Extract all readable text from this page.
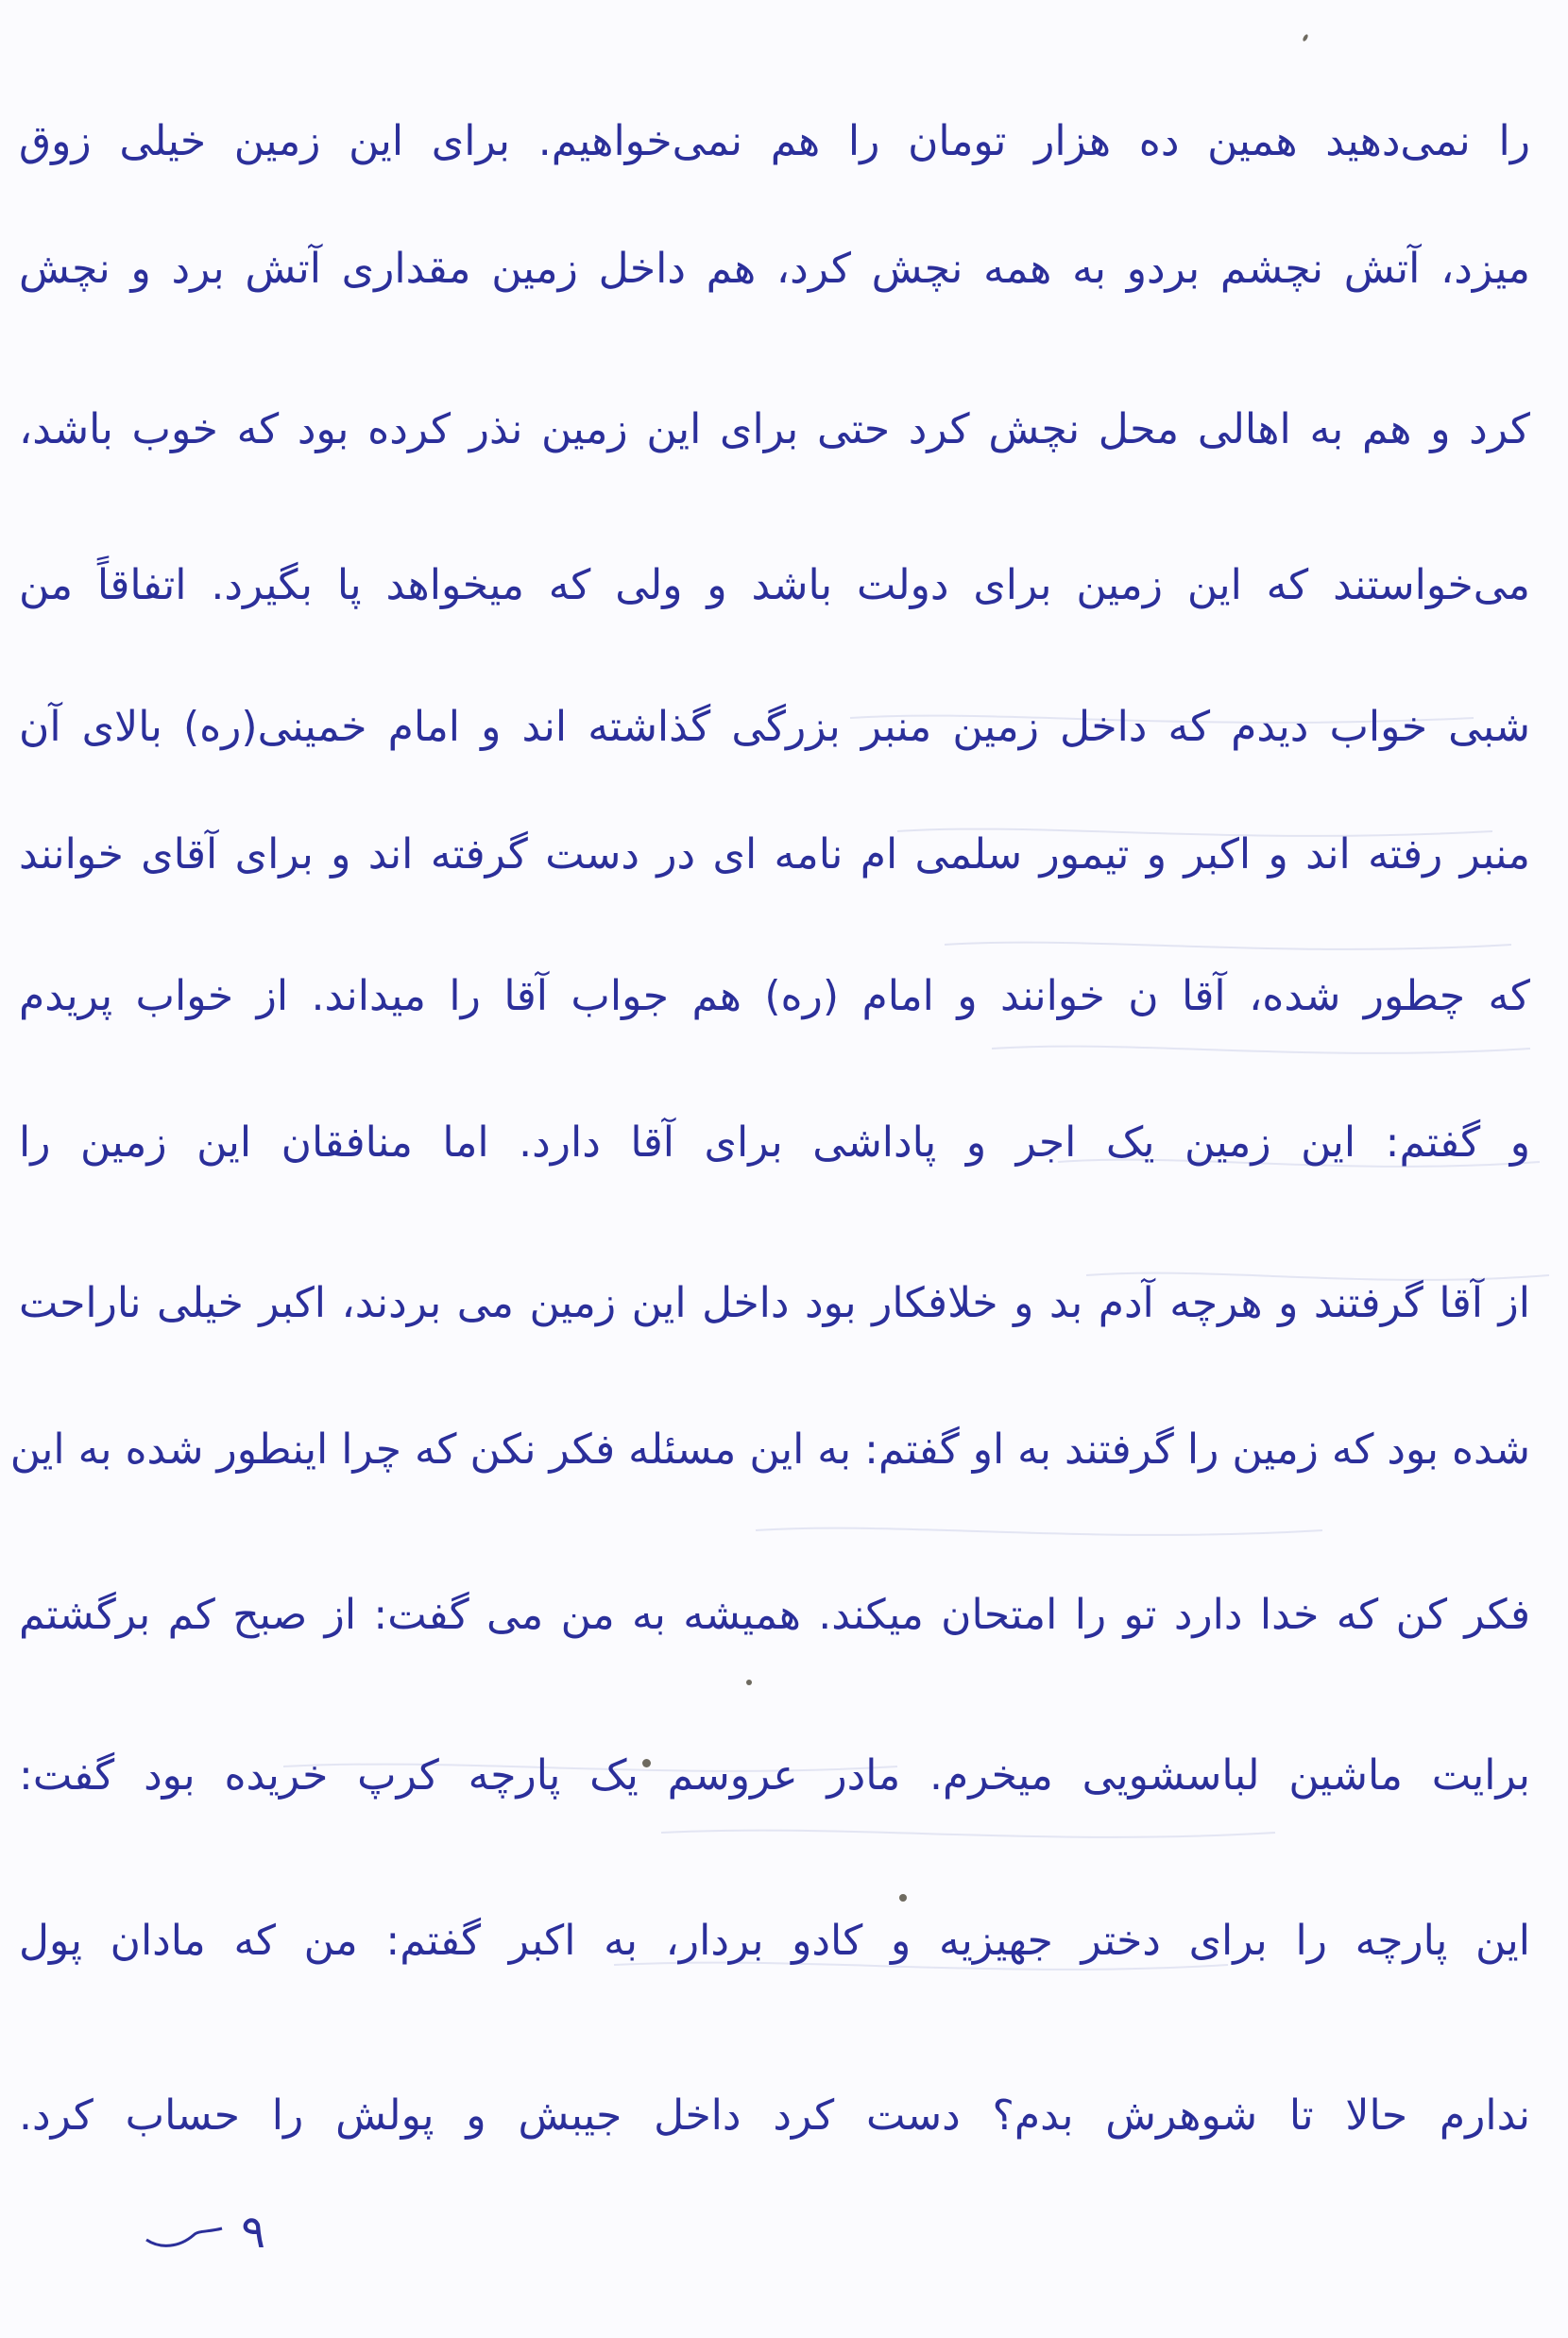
را نمی‌دهید همین ده هزار تومان را هم نمی‌خواهیم. برای این زمین خیلی زوق
میزد، آتش نچشم بردو به همه نچش کرد، هم داخل زمین مقداری آتش برد و نچش
کرد و هم به اهالی محل نچش کرد حتی برای این زمین نذر کرده بود که خوب باشد،
می‌خواستند که این زمین برای دولت باشد و ولی که میخواهد پا بگیرد. اتفاقاً من
شبی خواب دیدم که داخل زمین منبر بزرگی گذاشته اند و امام خمینی(ره) بالای آن
منبر رفته اند و اکبر و تیمور سلمی ام نامه ای در دست گرفته اند و برای آقای خوانند
که چطور شده، آقا ن خوانند و امام (ره) هم جواب آقا را میداند. از خواب پریدم
و گفتم: این زمین یک اجر و پاداشی برای آقا دارد. اما منافقان این زمین را
از آقا گرفتند و هرچه آدم بد و خلافکار بود داخل این زمین می بردند، اکبر خیلی ناراحت
شده بود که زمین را گرفتند به او گفتم: به این مسئله فکر نکن که چرا اینطور شده به این
فکر کن که خدا دارد تو را امتحان میکند. همیشه به من می گفت: از صبح کم برگشتم
برایت ماشین لباسشویی میخرم. مادر عروسم یک پارچه کرپ خریده بود گفت:
این پارچه را برای دختر جهیزیه و کادو بردار، به اکبر گفتم: من که مادان پول
ندارم حالا تا شوهرش بدم؟ دست کرد داخل جیبش و پولش را حساب کرد.
۹
